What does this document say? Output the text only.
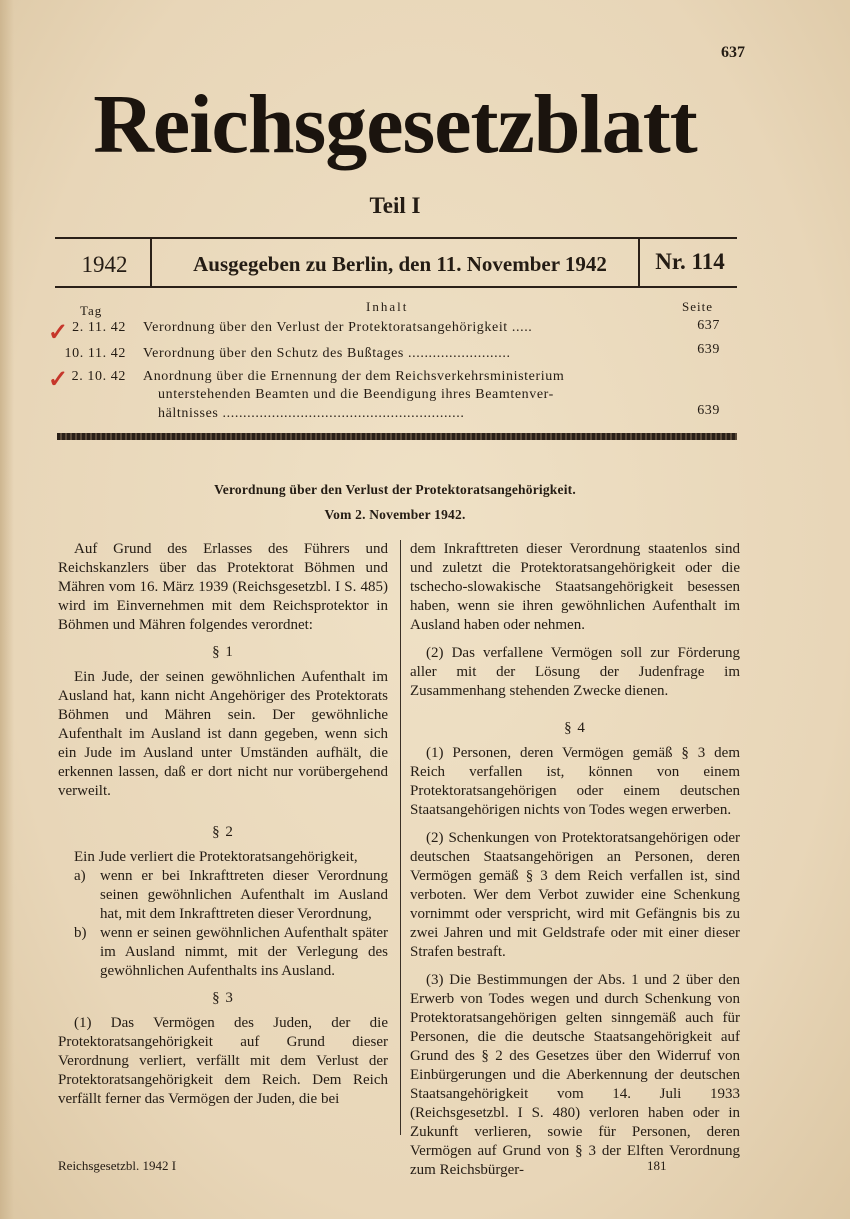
637
Reichsgesetzblatt
Teil I
1942	Ausgegeben zu Berlin, den 11. November 1942	Nr. 114
Tag	Inhalt	Seite
✓ 2. 11. 42 Verordnung über den Verlust der Protektoratsangehörigkeit .....	637
10. 11. 42 Verordnung über den Schutz des Bußtages .........................	639
✓ 2. 10. 42 Anordnung über die Ernennung der dem Reichsverkehrsministerium
unterstehenden Beamten und die Beendigung ihres Beamtenver-
hältnisses ...........................................................	639
Verordnung über den Verlust der Protektoratsangehörigkeit.
Vom 2. November 1942.

Auf Grund des Erlasses des Führers und Reichskanzlers über das Protektorat Böhmen und Mähren vom 16. März 1939 (Reichsgesetzbl. I S. 485) wird im Einvernehmen mit dem Reichsprotektor in Böhmen und Mähren folgendes verordnet:

§ 1

Ein Jude, der seinen gewöhnlichen Aufenthalt im Ausland hat, kann nicht Angehöriger des Protektorats Böhmen und Mähren sein. Der gewöhnliche Aufenthalt im Ausland ist dann gegeben, wenn sich ein Jude im Ausland unter Umständen aufhält, die erkennen lassen, daß er dort nicht nur vorübergehend verweilt.

§ 2

Ein Jude verliert die Protektoratsangehörigkeit,

a) wenn er bei Inkrafttreten dieser Verordnung seinen gewöhnlichen Aufenthalt im Ausland hat, mit dem Inkrafttreten dieser Verordnung,
b) wenn er seinen gewöhnlichen Aufenthalt später im Ausland nimmt, mit der Verlegung des gewöhnlichen Aufenthalts ins Ausland.

§ 3

(1) Das Vermögen des Juden, der die Protektoratsangehörigkeit auf Grund dieser Verordnung verliert, verfällt mit dem Verlust der Protektoratsangehörigkeit dem Reich. Dem Reich verfällt ferner das Vermögen der Juden, die bei

dem Inkrafttreten dieser Verordnung staatenlos sind und zuletzt die Protektoratsangehörigkeit oder die tschecho-slowakische Staatsangehörigkeit besessen haben, wenn sie ihren gewöhnlichen Aufenthalt im Ausland haben oder nehmen.

(2) Das verfallene Vermögen soll zur Förderung aller mit der Lösung der Judenfrage im Zusammenhang stehenden Zwecke dienen.

§ 4

(1) Personen, deren Vermögen gemäß § 3 dem Reich verfallen ist, können von einem Protektoratsangehörigen oder einem deutschen Staatsangehörigen nichts von Todes wegen erwerben.

(2) Schenkungen von Protektoratsangehörigen oder deutschen Staatsangehörigen an Personen, deren Vermögen gemäß § 3 dem Reich verfallen ist, sind verboten. Wer dem Verbot zuwider eine Schenkung vornimmt oder verspricht, wird mit Gefängnis bis zu zwei Jahren und mit Geldstrafe oder mit einer dieser Strafen bestraft.

(3) Die Bestimmungen der Abs. 1 und 2 über den Erwerb von Todes wegen und durch Schenkung von Protektoratsangehörigen gelten sinngemäß auch für Personen, die die deutsche Staatsangehörigkeit auf Grund des § 2 des Gesetzes über den Widerruf von Einbürgerungen und die Aberkennung der deutschen Staatsangehörigkeit vom 14. Juli 1933 (Reichsgesetzbl. I S. 480) verloren haben oder in Zukunft verlieren, sowie für Personen, deren Vermögen auf Grund von § 3 der Elften Verordnung zum Reichsbürger-

Reichsgesetzbl. 1942 I	181
